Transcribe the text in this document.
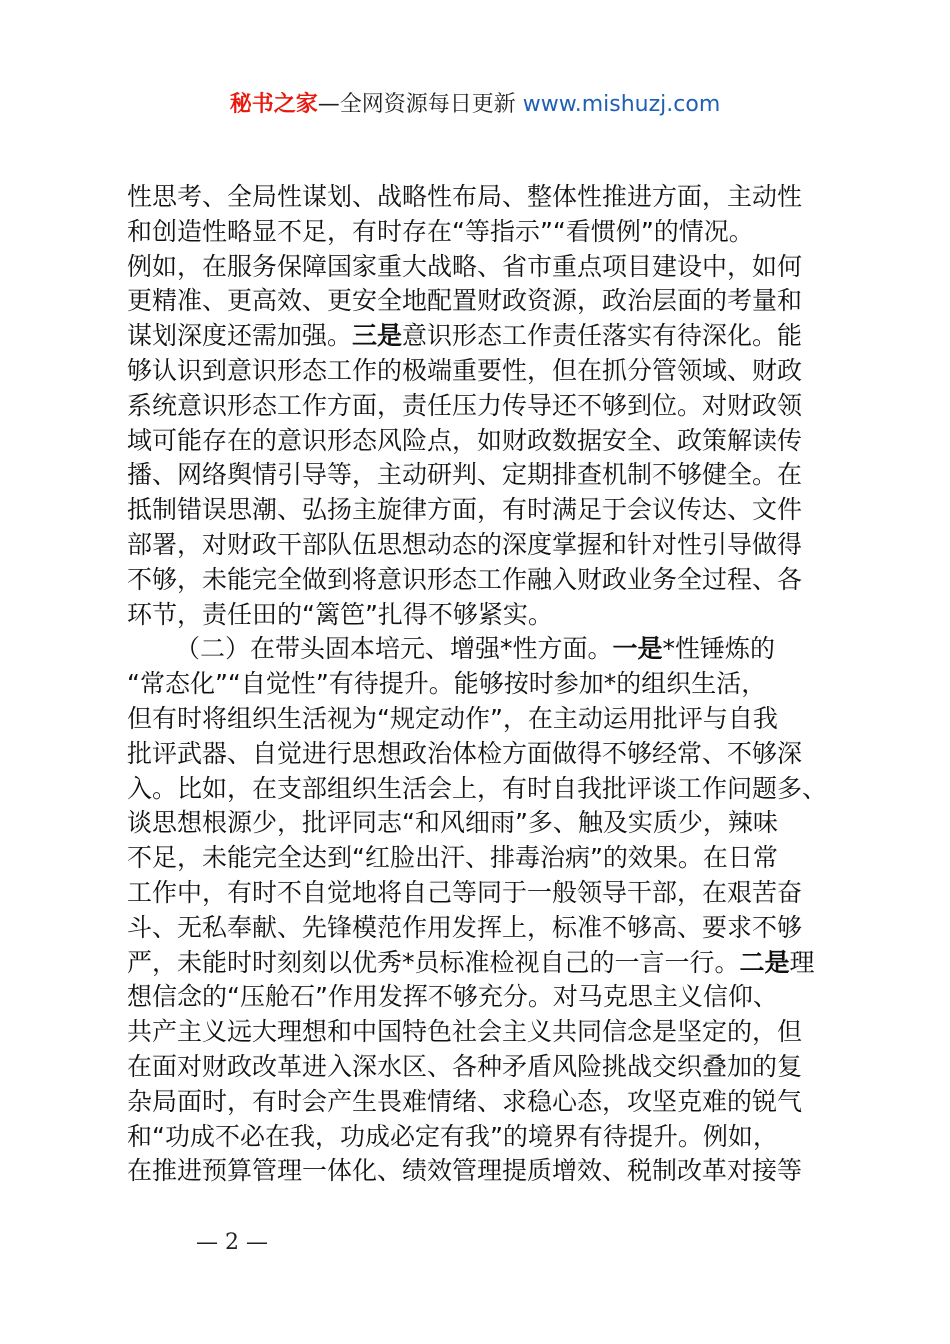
秘书之家—全网资源每日更新 www.mishuzj.com
性思考、全局性谋划、战略性布局、整体性推进方面，主动性
和创造性略显不足，有时存在“等指示”“看惯例”的情况。
例如，在服务保障国家重大战略、省市重点项目建设中，如何
更精准、更高效、更安全地配置财政资源，政治层面的考量和
谋划深度还需加强。三是意识形态工作责任落实有待深化。能
够认识到意识形态工作的极端重要性，但在抓分管领域、财政
系统意识形态工作方面，责任压力传导还不够到位。对财政领
域可能存在的意识形态风险点，如财政数据安全、政策解读传
播、网络舆情引导等，主动研判、定期排查机制不够健全。在
抵制错误思潮、弘扬主旋律方面，有时满足于会议传达、文件
部署，对财政干部队伍思想动态的深度掌握和针对性引导做得
不够，未能完全做到将意识形态工作融入财政业务全过程、各
环节，责任田的“篱笆”扎得不够紧实。
（二）在带头固本培元、增强*性方面。一是*性锤炼的
“常态化”“自觉性”有待提升。能够按时参加*的组织生活，
但有时将组织生活视为“规定动作”，在主动运用批评与自我
批评武器、自觉进行思想政治体检方面做得不够经常、不够深
入。比如，在支部组织生活会上，有时自我批评谈工作问题多、
谈思想根源少，批评同志“和风细雨”多、触及实质少，辣味
不足，未能完全达到“红脸出汗、排毒治病”的效果。在日常
工作中，有时不自觉地将自己等同于一般领导干部，在艰苦奋
斗、无私奉献、先锋模范作用发挥上，标准不够高、要求不够
严，未能时时刻刻以优秀*员标准检视自己的一言一行。二是理
想信念的“压舱石”作用发挥不够充分。对马克思主义信仰、
共产主义远大理想和中国特色社会主义共同信念是坚定的，但
在面对财政改革进入深水区、各种矛盾风险挑战交织叠加的复
杂局面时，有时会产生畏难情绪、求稳心态，攻坚克难的锐气
和“功成不必在我，功成必定有我”的境界有待提升。例如，
在推进预算管理一体化、绩效管理提质增效、税制改革对接等
— 2 —
